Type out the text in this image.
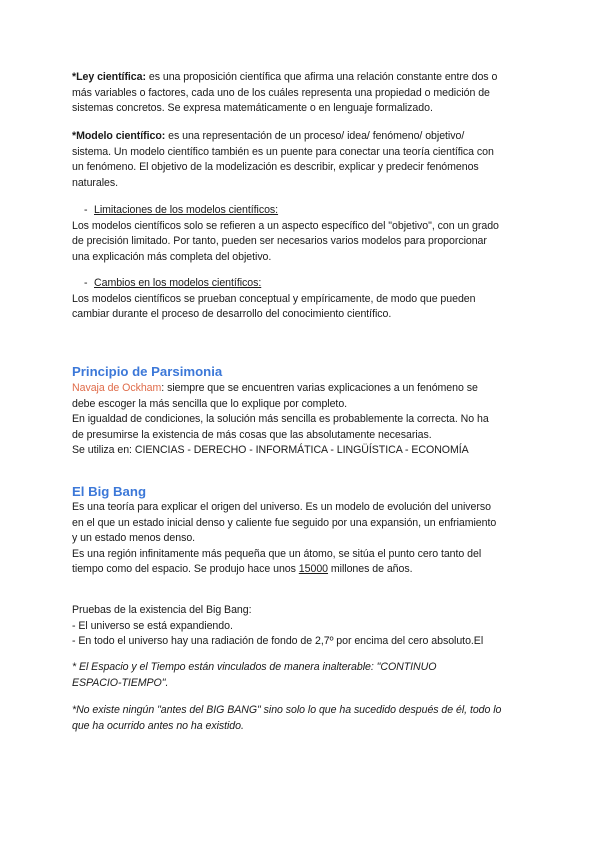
*Ley científica: es una proposición científica que afirma una relación constante entre dos o
más variables o factores, cada uno de los cuáles representa una propiedad o medición de
sistemas concretos. Se expresa matemáticamente o en lenguaje formalizado.
*Modelo científico: es una representación de un proceso/ idea/ fenómeno/ objetivo/
sistema. Un modelo científico también es un puente para conectar una teoría científica con
un fenómeno. El objetivo de la modelización es describir, explicar y predecir fenómenos
naturales.
- Limitaciones de los modelos científicos:
Los modelos científicos solo se refieren a un aspecto específico del "objetivo", con un grado
de precisión limitado. Por tanto, pueden ser necesarios varios modelos para proporcionar
una explicación más completa del objetivo.
- Cambios en los modelos científicos:
Los modelos científicos se prueban conceptual y empíricamente, de modo que pueden
cambiar durante el proceso de desarrollo del conocimiento científico.
Principio de Parsimonia
Navaja de Ockham: siempre que se encuentren varias explicaciones a un fenómeno se
debe escoger la más sencilla que lo explique por completo.
En igualdad de condiciones, la solución más sencilla es probablemente la correcta. No ha
de presumirse la existencia de más cosas que las absolutamente necesarias.
Se utiliza en: CIENCIAS - DERECHO - INFORMÁTICA - LINGÜÍSTICA - ECONOMÍA
El Big Bang
Es una teoría para explicar el origen del universo. Es un modelo de evolución del universo
en el que un estado inicial denso y caliente fue seguido por una expansión, un enfriamiento
y un estado menos denso.
Es una región infinitamente más pequeña que un átomo, se sitúa el punto cero tanto del
tiempo como del espacio. Se produjo hace unos 15000 millones de años.
Pruebas de la existencia del Big Bang:
- El universo se está expandiendo.
- En todo el universo hay una radiación de fondo de 2,7º por encima del cero absoluto.El
* El Espacio y el Tiempo están vinculados de manera inalterable: "CONTINUO
ESPACIO-TIEMPO".
*No existe ningún "antes del BIG BANG" sino solo lo que ha sucedido después de él, todo lo
que ha ocurrido antes no ha existido.
